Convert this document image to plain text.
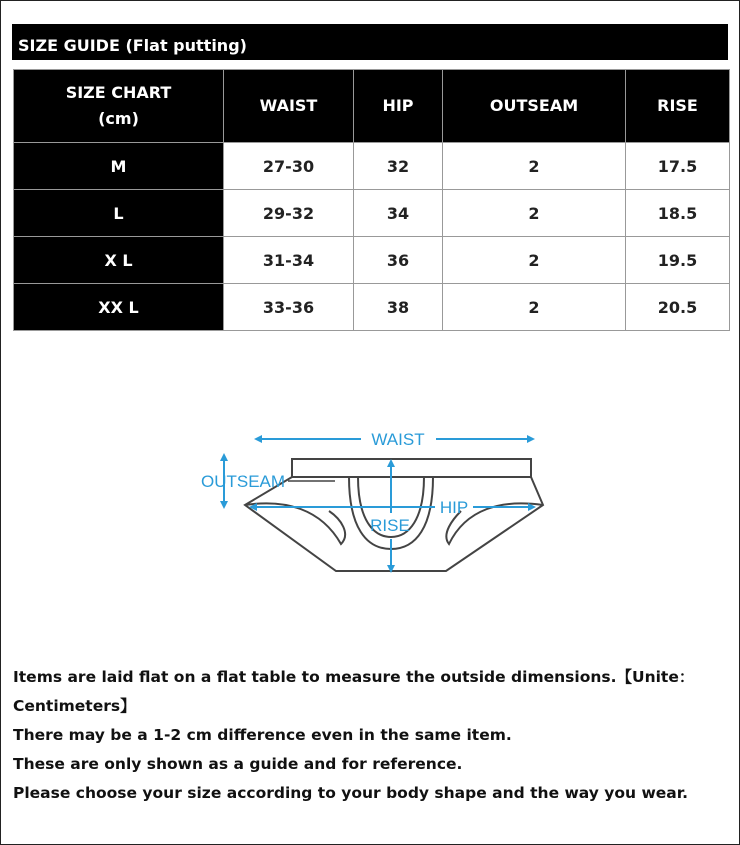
SIZE GUIDE (Flat putting)
SIZE CHART
(cm)	WAIST	HIP	OUTSEAM	RISE
M	27-30	32	2	17.5
L	29-32	34	2	18.5
X L	31-34	36	2	19.5
XX L	33-36	38	2	20.5
WAIST
OUTSEAM
HIP
RISE

Items are laid flat on a flat table to measure the outside dimensions.【Unite：Centimeters】

There may be a 1-2 cm difference even in the same item.

These are only shown as a guide and for reference.

Please choose your size according to your body shape and the way you wear.
